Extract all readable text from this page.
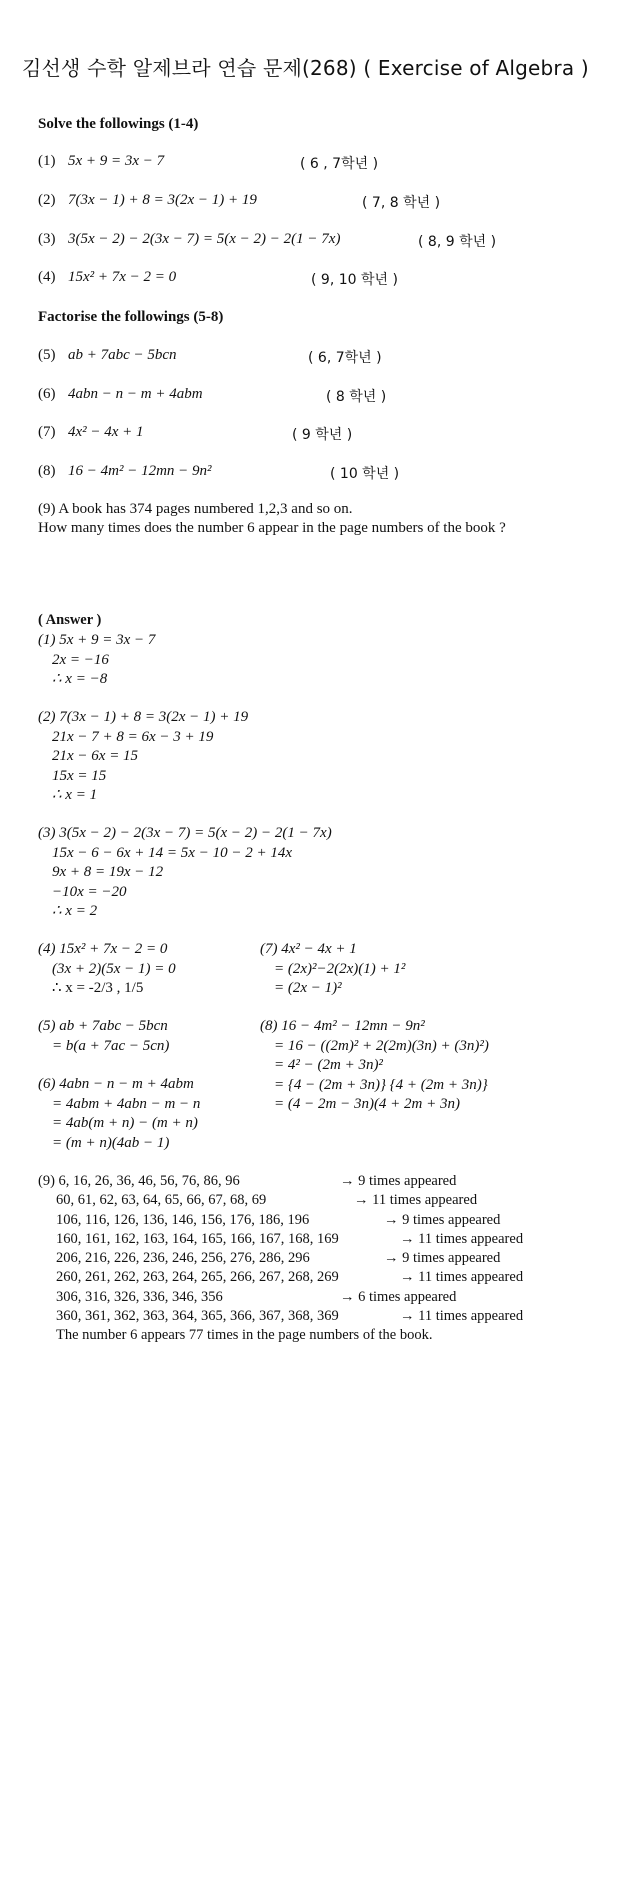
김선생 수학 알제브라 연습 문제(268) ( Exercise of Algebra )
Solve the followings (1-4)
(1) 5x + 9 = 3x − 7	( 6 , 7학년 )
(2) 7(3x − 1) + 8 = 3(2x − 1) + 19	( 7, 8 학년 )
(3) 3(5x − 2) − 2(3x − 7) = 5(x − 2) − 2(1 − 7x)	( 8, 9 학년 )
(4) 15x² + 7x − 2 = 0	( 9, 10 학년 )
Factorise the followings (5-8)
(5) ab + 7abc − 5bcn	( 6, 7학년 )
(6) 4abn − n − m + 4abm	( 8 학년 )
(7) 4x² − 4x + 1	( 9 학년 )
(8) 16 − 4m² − 12mn − 9n²	( 10 학년 )
(9) A book has 374 pages numbered 1,2,3 and so on.
How many times does the number 6 appear in the page numbers of the book ?
( Answer )
(1) 5x + 9 = 3x − 7
2x = −16
∴ x = −8
(2) 7(3x − 1) + 8 = 3(2x − 1) + 19
21x − 7 + 8 = 6x − 3 + 19
21x − 6x = 15
15x = 15
∴ x = 1
(3) 3(5x − 2) − 2(3x − 7) = 5(x − 2) − 2(1 − 7x)
15x − 6 − 6x + 14 = 5x − 10 − 2 + 14x
9x + 8 = 19x − 12
−10x = −20
∴ x = 2
(4) 15x² + 7x − 2 = 0
(3x + 2)(5x − 1) = 0
∴ x = -2/3 , 1/5
(7) 4x² − 4x + 1
= (2x)²−2(2x)(1) + 1²
= (2x − 1)²
(5) ab + 7abc − 5bcn
= b(a + 7ac − 5cn)
(6) 4abn − n − m + 4abm
= 4abm + 4abn − m − n
= 4ab(m + n) − (m + n)
= (m + n)(4ab − 1)
(8) 16 − 4m² − 12mn − 9n²
= 16 − ((2m)² + 2(2m)(3n) + (3n)²)
= 4² − (2m + 3n)²
= {4 − (2m + 3n)} {4 + (2m + 3n)}
= (4 − 2m − 3n)(4 + 2m + 3n)
(9) 6, 16, 26, 36, 46, 56, 76, 86, 96	→ 9 times appeared
60, 61, 62, 63, 64, 65, 66, 67, 68, 69	→ 11 times appeared
106, 116, 126, 136, 146, 156, 176, 186, 196	→ 9 times appeared
160, 161, 162, 163, 164, 165, 166, 167, 168, 169	→ 11 times appeared
206, 216, 226, 236, 246, 256, 276, 286, 296	→ 9 times appeared
260, 261, 262, 263, 264, 265, 266, 267, 268, 269	→ 11 times appeared
306, 316, 326, 336, 346, 356	→ 6 times appeared
360, 361, 362, 363, 364, 365, 366, 367, 368, 369	→ 11 times appeared
The number 6 appears 77 times in the page numbers of the book.
